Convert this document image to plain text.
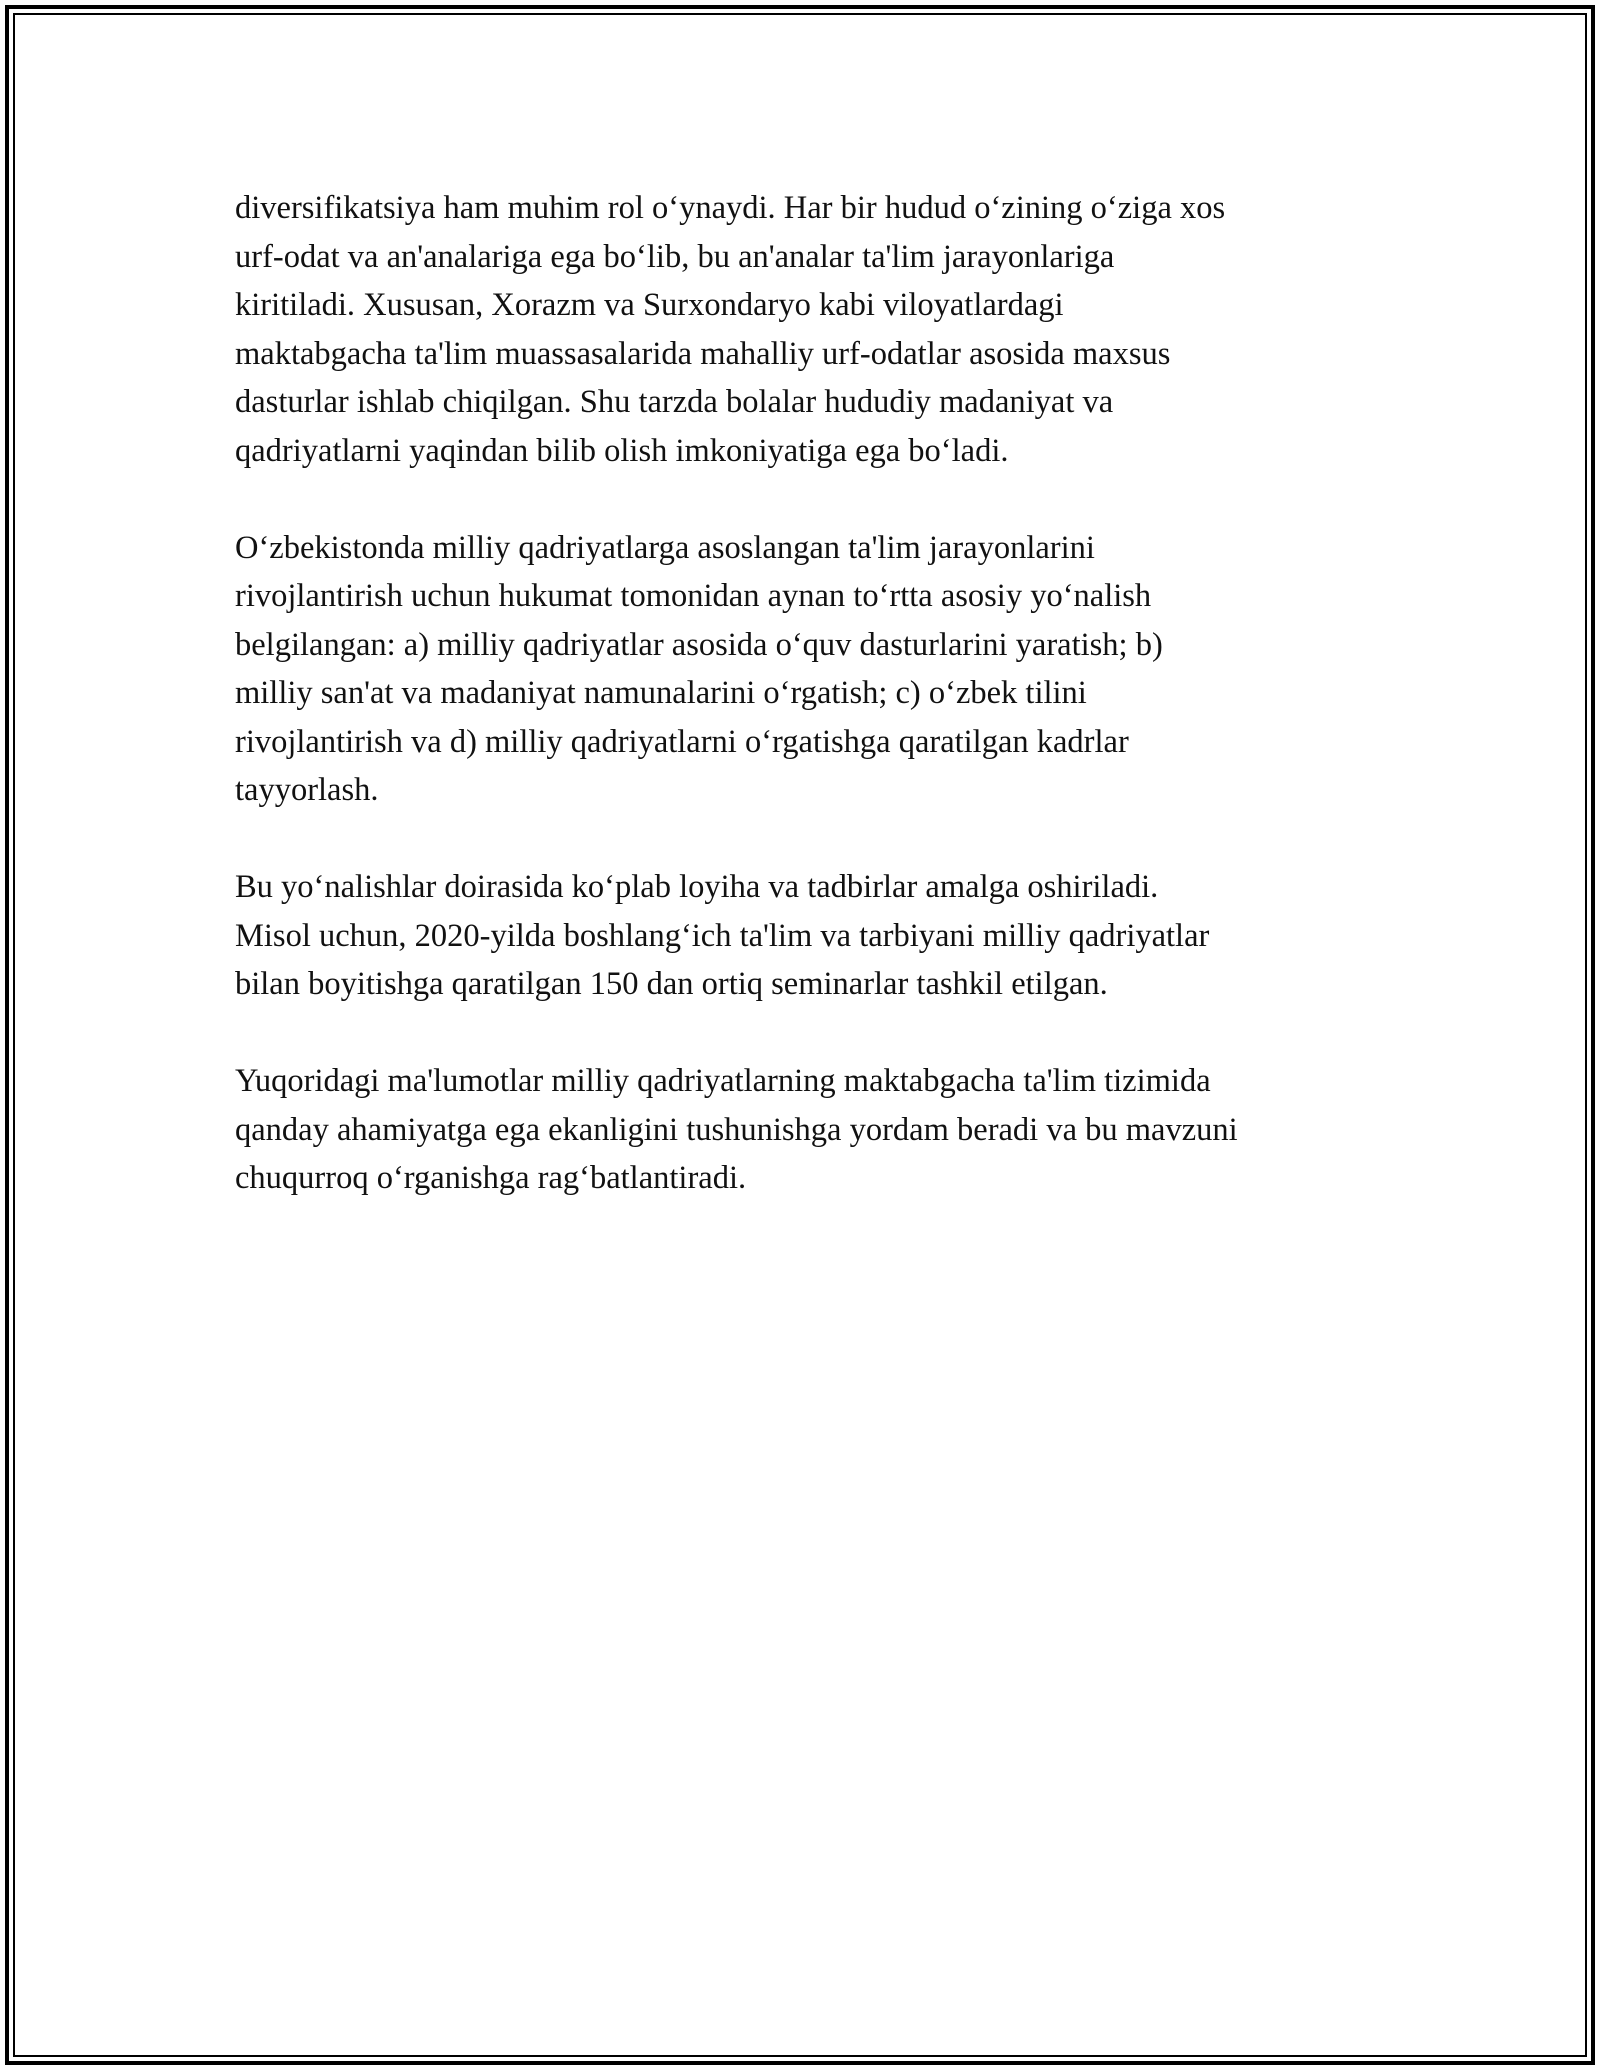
diversifikatsiya ham muhim rol o‘ynaydi. Har bir hudud o‘zining o‘ziga xos
urf-odat va an'analariga ega bo‘lib, bu an'analar ta'lim jarayonlariga
kiritiladi. Xususan, Xorazm va Surxondaryo kabi viloyatlardagi
maktabgacha ta'lim muassasalarida mahalliy urf-odatlar asosida maxsus
dasturlar ishlab chiqilgan. Shu tarzda bolalar hududiy madaniyat va
qadriyatlarni yaqindan bilib olish imkoniyatiga ega bo‘ladi.

O‘zbekistonda milliy qadriyatlarga asoslangan ta'lim jarayonlarini
rivojlantirish uchun hukumat tomonidan aynan to‘rtta asosiy yo‘nalish
belgilangan: a) milliy qadriyatlar asosida o‘quv dasturlarini yaratish; b)
milliy san'at va madaniyat namunalarini o‘rgatish; c) o‘zbek tilini
rivojlantirish va d) milliy qadriyatlarni o‘rgatishga qaratilgan kadrlar
tayyorlash.

Bu yo‘nalishlar doirasida ko‘plab loyiha va tadbirlar amalga oshiriladi.
Misol uchun, 2020-yilda boshlang‘ich ta'lim va tarbiyani milliy qadriyatlar
bilan boyitishga qaratilgan 150 dan ortiq seminarlar tashkil etilgan.

Yuqoridagi ma'lumotlar milliy qadriyatlarning maktabgacha ta'lim tizimida
qanday ahamiyatga ega ekanligini tushunishga yordam beradi va bu mavzuni
chuqurroq o‘rganishga rag‘batlantiradi.
